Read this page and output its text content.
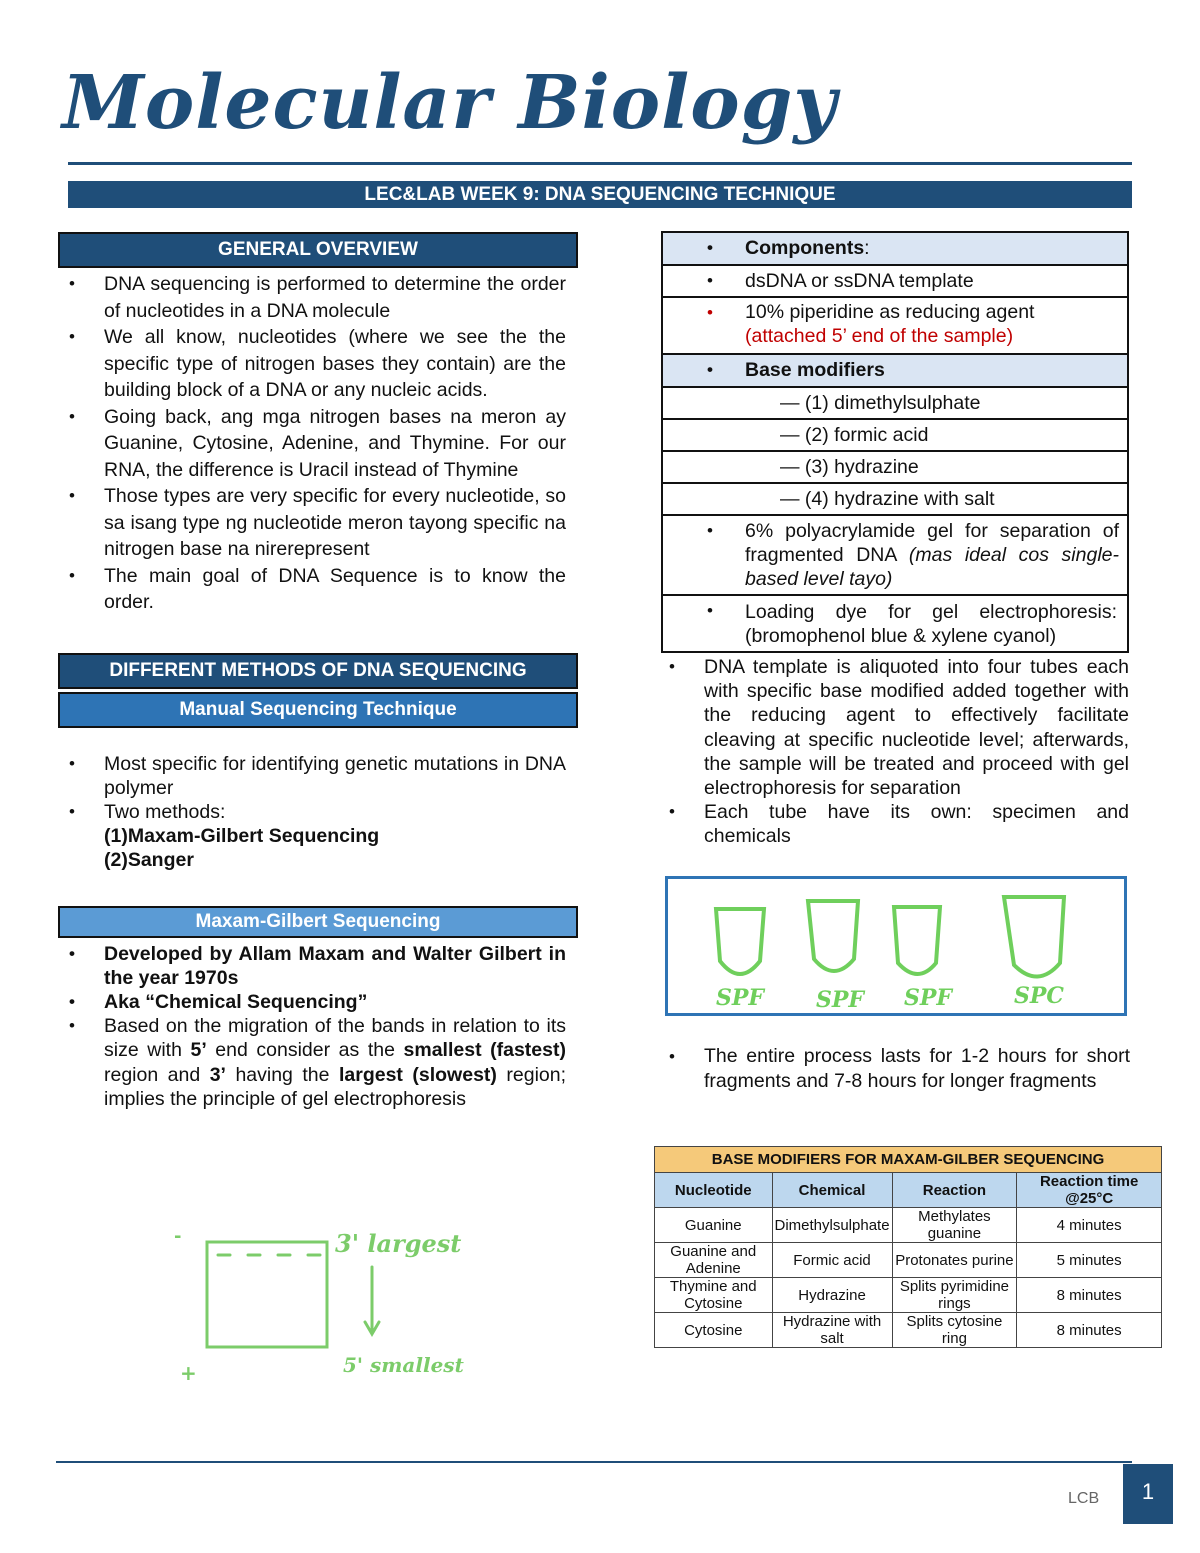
Molecular Biology
LEC&LAB WEEK 9: DNA SEQUENCING TECHNIQUE
GENERAL OVERVIEW
• DNA sequencing is performed to determine the order of nucleotides in a DNA molecule
• We all know, nucleotides (where we see the the specific type of nitrogen bases they contain) are the building block of a DNA or any nucleic acids.
• Going back, ang mga nitrogen bases na meron ay Guanine, Cytosine, Adenine, and Thymine. For our RNA, the difference is Uracil instead of Thymine
• Those types are very specific for every nucleotide, so sa isang type ng nucleotide meron tayong specific na nitrogen base na nirerepresent
• The main goal of DNA Sequence is to know the order.
DIFFERENT METHODS OF DNA SEQUENCING
Manual Sequencing Technique
• Most specific for identifying genetic mutations in DNA polymer
• Two methods:
(1)Maxam-Gilbert Sequencing
(2)Sanger
Maxam-Gilbert Sequencing
• Developed by Allam Maxam and Walter Gilbert in the year 1970s
• Aka “Chemical Sequencing”
• Based on the migration of the bands in relation to its size with 5’ end consider as the smallest (fastest) region and 3’ having the largest (slowest) region; implies the principle of gel electrophoresis
-
+
3' largest
5' smallest
• Components:
• dsDNA or ssDNA template
• 10% piperidine as reducing agent
(attached 5’ end of the sample)
• Base modifiers
— (1) dimethylsulphate
— (2) formic acid
— (3) hydrazine
— (4) hydrazine with salt
• 6% polyacrylamide gel for separation of fragmented DNA (mas ideal cos single-based level tayo)
• Loading dye for gel electrophoresis: (bromophenol blue & xylene cyanol)
• DNA template is aliquoted into four tubes each with specific base modified added together with the reducing agent to effectively facilitate cleaving at specific nucleotide level; afterwards, the sample will be treated and proceed with gel electrophoresis for separation
• Each tube have its own: specimen and chemicals
SPF SPF SPF	SPC
• The entire process lasts for 1-2 hours for short fragments and 7-8 hours for longer fragments
BASE MODIFIERS FOR MAXAM-GILBER SEQUENCING			
Nucleotide	Chemical	Reaction	Reaction time @25°C
Guanine	Dimethylsulphate	Methylates guanine	4 minutes
Guanine and Adenine	Formic acid	Protonates purine	5 minutes
Thymine and Cytosine	Hydrazine	Splits pyrimidine rings	8 minutes
Cytosine	Hydrazine with salt	Splits cytosine ring	8 minutes
LCB	1
